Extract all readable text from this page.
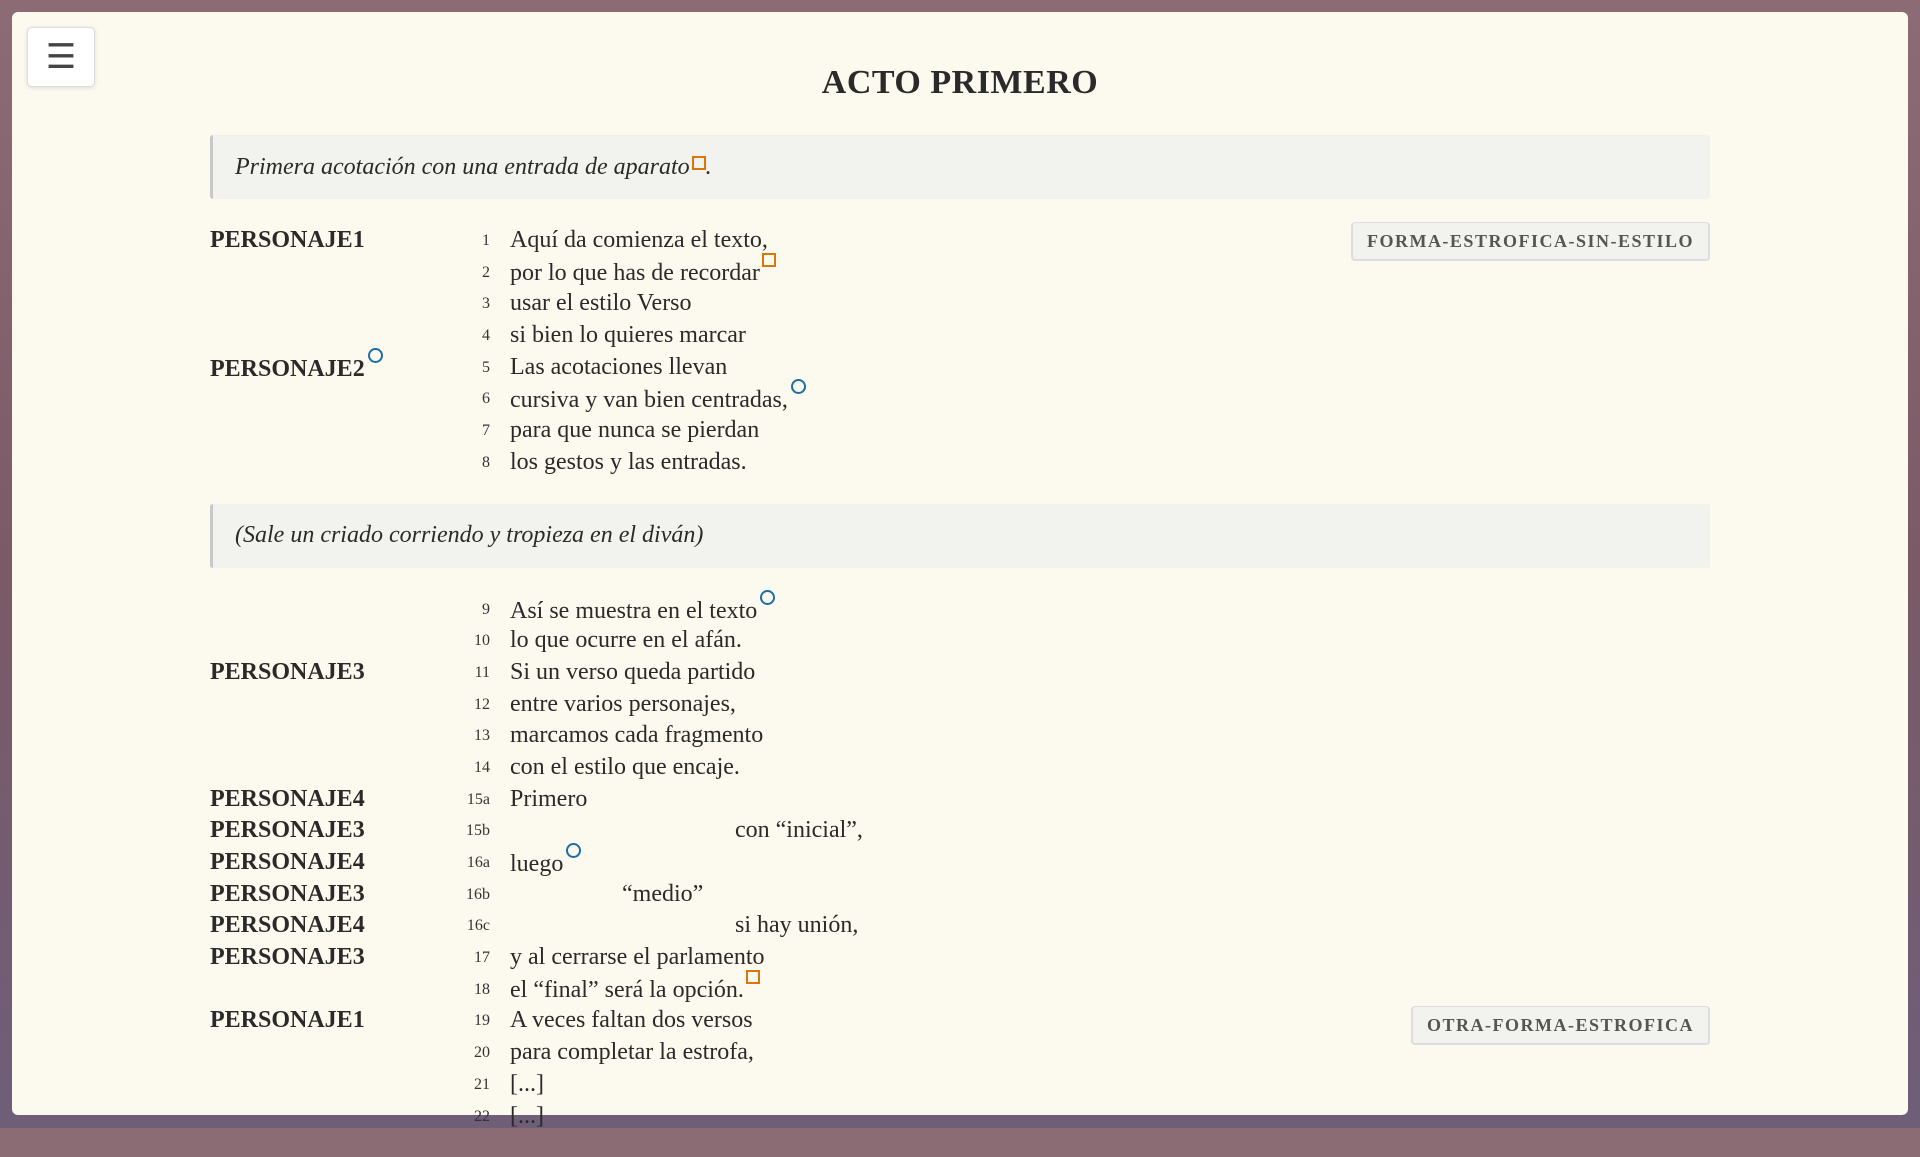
☰
ACTO PRIMERO
Primera acotación con una entrada de aparato .
FORMA-ESTROFICA-SIN-ESTILO
PERSONAJE1	1 Aquí da comienza el texto,
2 por lo que has de recordar
3 usar el estilo Verso
4 si bien lo quieres marcar
PERSONAJE2	5 Las acotaciones llevan
6 cursiva y van bien centradas,
7 para que nunca se pierdan
8 los gestos y las entradas.
(Sale un criado corriendo y tropieza en el diván)
OTRA-FORMA-ESTROFICA
9 Así se muestra en el texto
10 lo que ocurre en el afán.
PERSONAJE3	11 Si un verso queda partido
12 entre varios personajes,
13 marcamos cada fragmento
14 con el estilo que encaje.
PERSONAJE4	15a Primero
PERSONAJE3	15b	con “inicial”,
PERSONAJE4	16a luego
PERSONAJE3	16b	“medio”
PERSONAJE4	16c	si hay unión,
PERSONAJE3	17 y al cerrarse el parlamento
18 el “final” será la opción.
PERSONAJE1	19 A veces faltan dos versos
20 para completar la estrofa,
21 [...]
22 [...]
